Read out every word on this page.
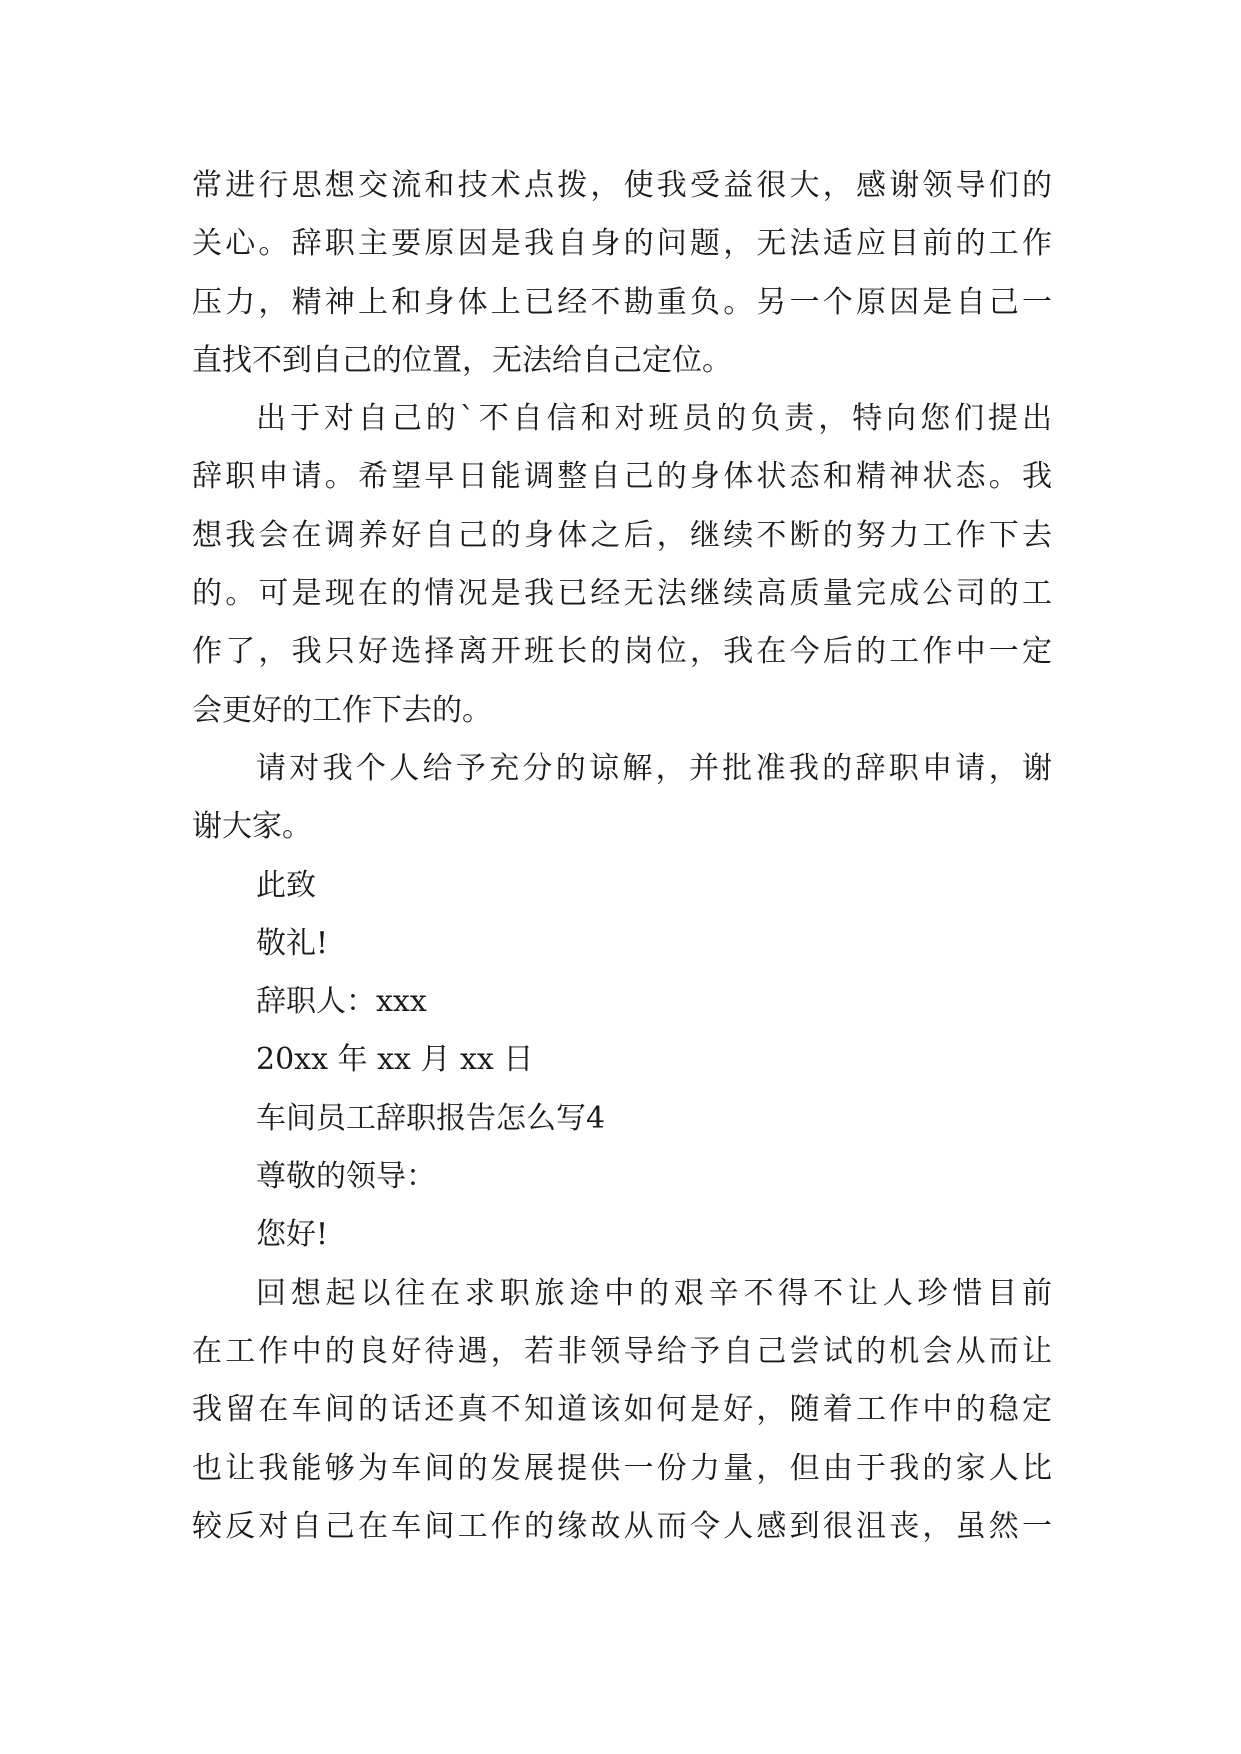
常进行思想交流和技术点拨，使我受益很大，感谢领导们的
关心。辞职主要原因是我自身的问题，无法适应目前的工作
压力，精神上和身体上已经不勘重负。另一个原因是自己一
直找不到自己的位置，无法给自己定位。
出于对自己的`不自信和对班员的负责，特向您们提出
辞职申请。希望早日能调整自己的身体状态和精神状态。我
想我会在调养好自己的身体之后，继续不断的努力工作下去
的。可是现在的情况是我已经无法继续高质量完成公司的工
作了，我只好选择离开班长的岗位，我在今后的工作中一定
会更好的工作下去的。
请对我个人给予充分的谅解，并批准我的辞职申请，谢
谢大家。
此致
敬礼!
辞职人：xxx
20xx 年 xx 月 xx 日
车间员工辞职报告怎么写4
尊敬的领导：
您好!
回想起以往在求职旅途中的艰辛不得不让人珍惜目前
在工作中的良好待遇，若非领导给予自己尝试的机会从而让
我留在车间的话还真不知道该如何是好，随着工作中的稳定
也让我能够为车间的发展提供一份力量，但由于我的家人比
较反对自己在车间工作的缘故从而令人感到很沮丧，虽然一
